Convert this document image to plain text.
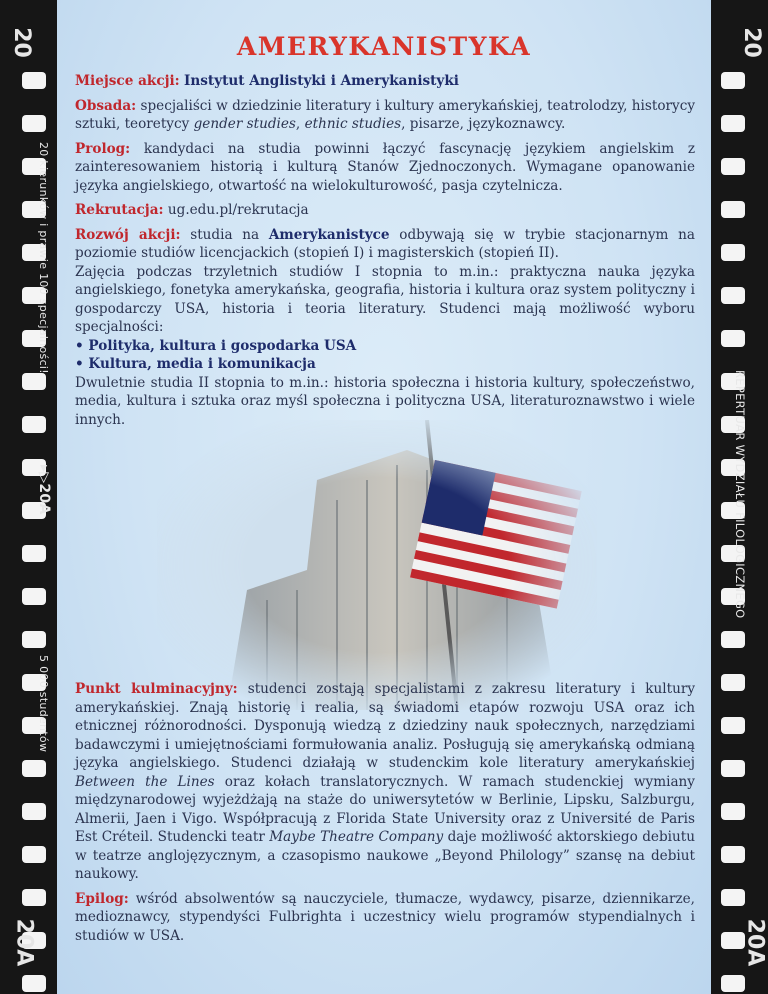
20	20
20A	20A
20 kierunków i prawie 100 specjalności!
▸▷20A
5 000 studentów
REPERTUAR WYDZIAŁU FILOLOGICZNEGO
AMERYKANISTYKA

Miejsce akcji: Instytut Anglistyki i Amerykanistyki

Obsada: specjaliści w dziedzinie literatury i kultury amerykańskiej, teatrolodzy, historycy sztuki, teoretycy gender studies, ethnic studies, pisarze, językoznawcy.

Prolog: kandydaci na studia powinni łączyć fascynację językiem angielskim z zainteresowaniem historią i kulturą Stanów Zjednoczonych. Wymagane opanowanie języka angielskiego, otwartość na wielokulturowość, pasja czytelnicza.

Rekrutacja: ug.edu.pl/rekrutacja

Rozwój akcji: studia na Amerykanistyce odbywają się w trybie stacjonarnym na poziomie studiów licencjackich (stopień I) i magisterskich (stopień II).
Zajęcia podczas trzyletnich studiów I stopnia to m.in.: praktyczna nauka języka angielskiego, fonetyka amerykańska, geografia, historia i kultura oraz system polityczny i gospodarczy USA, historia i teoria literatury. Studenci mają możliwość wyboru specjalności:
• Polityka, kultura i gospodarka USA
• Kultura, media i komunikacja
Dwuletnie studia II stopnia to m.in.: historia społeczna i historia kultury, społeczeństwo, media, kultura i sztuka oraz myśl społeczna i polityczna USA, literaturoznawstwo i wiele innych.

Punkt kulminacyjny: studenci zostają specjalistami z zakresu literatury i kultury amerykańskiej. Znają historię i realia, są świadomi etapów rozwoju USA oraz ich etnicznej różnorodności. Dysponują wiedzą z dziedziny nauk społecznych, narzędziami badawczymi i umiejętnościami formułowania analiz. Posługują się amerykańską odmianą języka angielskiego. Studenci działają w studenckim kole literatury amerykańskiej Between the Lines oraz kołach translatorycznych. W ramach studenckiej wymiany międzynarodowej wyjeżdżają na staże do uniwersytetów w Berlinie, Lipsku, Salzburgu, Almerii, Jaen i Vigo. Współpracują z Florida State University oraz z Université de Paris Est Créteil. Studencki teatr Maybe Theatre Company daje możliwość aktorskiego debiutu w teatrze anglojęzycznym, a czasopismo naukowe „Beyond Philology” szansę na debiut naukowy.

Epilog: wśród absolwentów są nauczyciele, tłumacze, wydawcy, pisarze, dziennikarze, medioznawcy, stypendyści Fulbrighta i uczestnicy wielu programów stypendialnych i studiów w USA.
